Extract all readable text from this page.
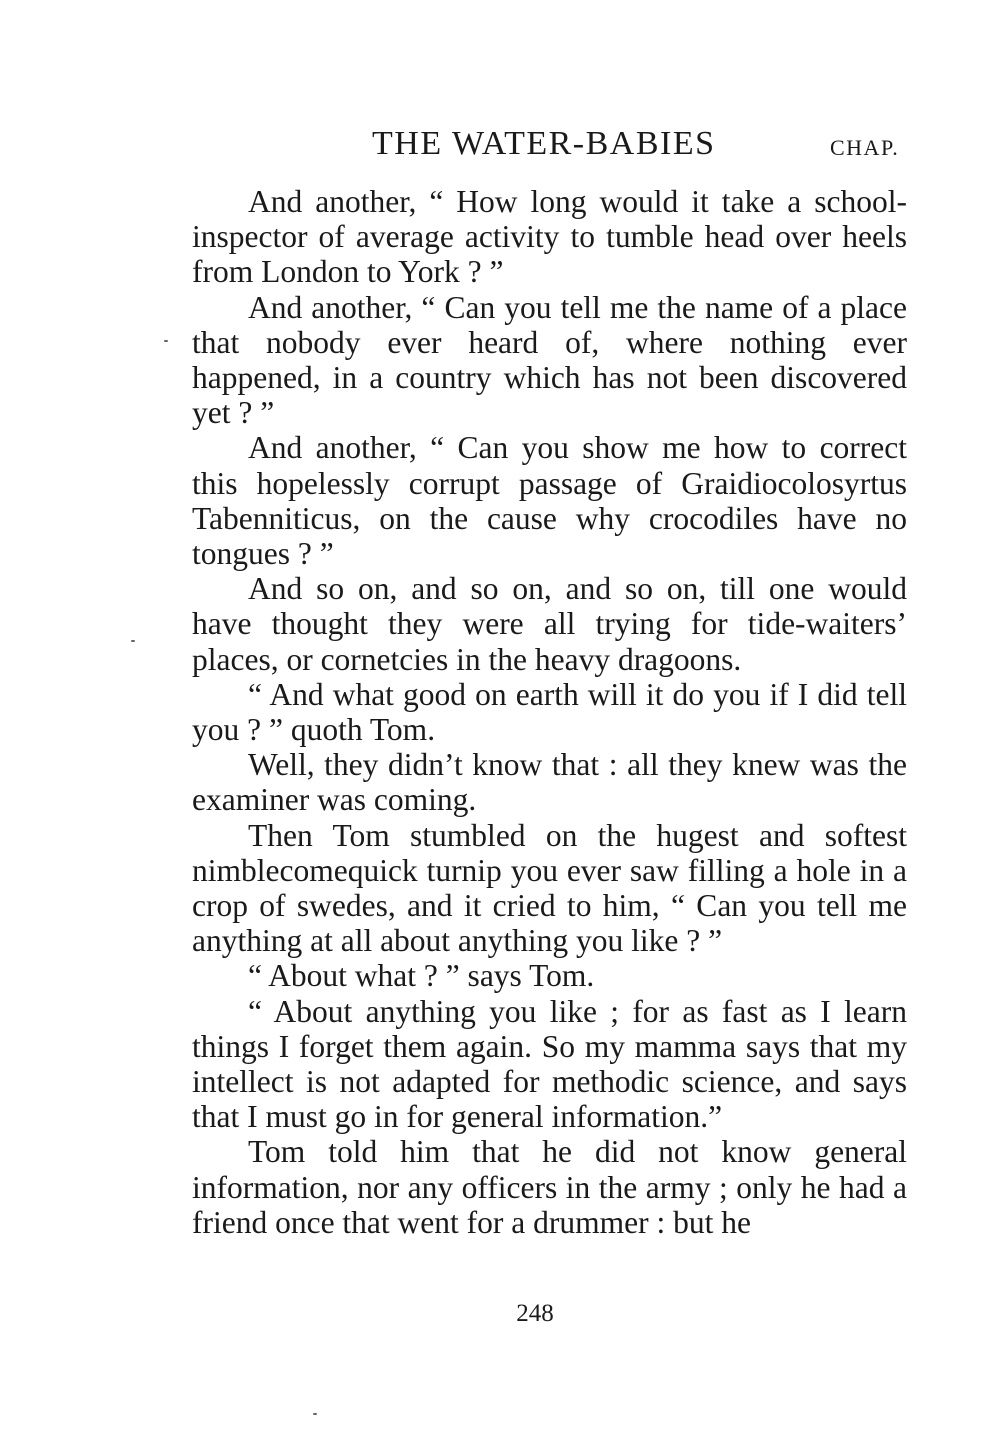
THE WATER-BABIES	CHAP.

And another, “ How long would it take a school-inspector of average activity to tumble head over heels from London to York ? ”

And another, “ Can you tell me the name of a place that nobody ever heard of, where nothing ever happened, in a country which has not been discovered yet ? ”

And another, “ Can you show me how to correct this hopelessly corrupt passage of Graidiocolosyrtus Tabenniticus, on the cause why crocodiles have no tongues ? ”

And so on, and so on, and so on, till one would have thought they were all trying for tide-waiters’ places, or cornetcies in the heavy dragoons.

“ And what good on earth will it do you if I did tell you ? ” quoth Tom.

Well, they didn’t know that : all they knew was the examiner was coming.

Then Tom stumbled on the hugest and softest nimblecomequick turnip you ever saw filling a hole in a crop of swedes, and it cried to him, “ Can you tell me anything at all about anything you like ? ”

“ About what ? ” says Tom.

“ About anything you like ; for as fast as I learn things I forget them again. So my mamma says that my intellect is not adapted for methodic science, and says that I must go in for general information.”

Tom told him that he did not know general information, nor any officers in the army ; only he had a friend once that went for a drummer : but he

248
